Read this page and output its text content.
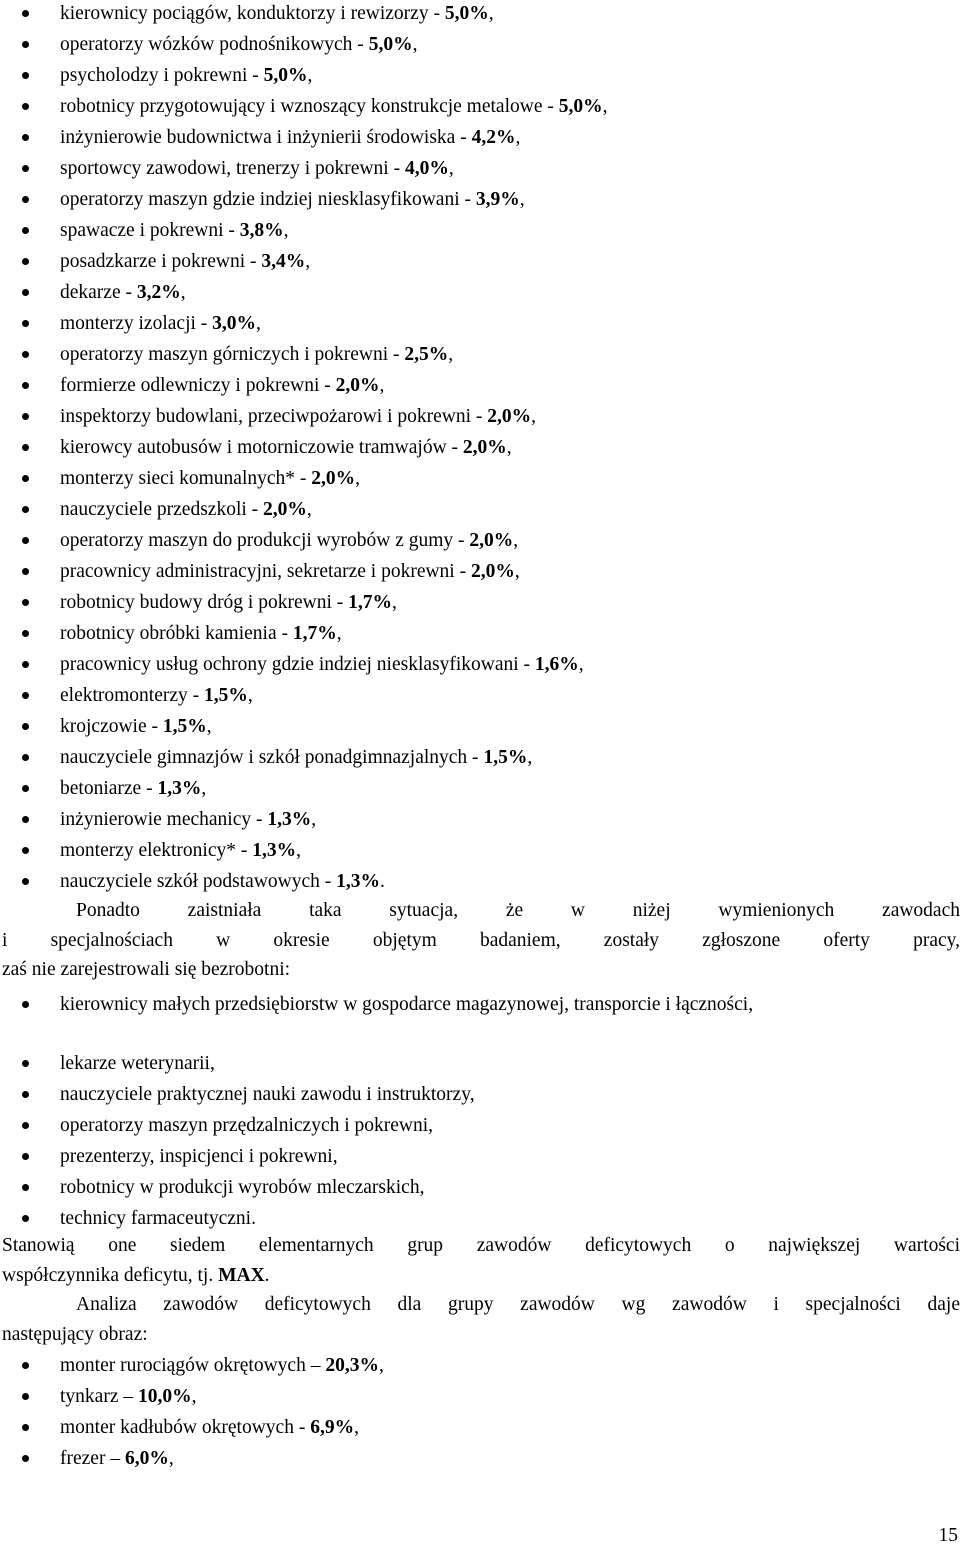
kierownicy pociągów, konduktorzy i rewizorzy - 5,0%,
operatorzy wózków podnośnikowych - 5,0%,
psycholodzy i pokrewni - 5,0%,
robotnicy przygotowujący i wznoszący konstrukcje metalowe - 5,0%,
inżynierowie budownictwa i inżynierii środowiska - 4,2%,
sportowcy zawodowi, trenerzy i pokrewni - 4,0%,
operatorzy maszyn gdzie indziej niesklasyfikowani - 3,9%,
spawacze i pokrewni - 3,8%,
posadzkarze i pokrewni - 3,4%,
dekarze - 3,2%,
monterzy izolacji - 3,0%,
operatorzy maszyn górniczych i pokrewni - 2,5%,
formierze odlewniczy i pokrewni - 2,0%,
inspektorzy budowlani, przeciwpożarowi i pokrewni - 2,0%,
kierowcy autobusów i motorniczowie tramwajów - 2,0%,
monterzy sieci komunalnych* - 2,0%,
nauczyciele przedszkoli - 2,0%,
operatorzy maszyn do produkcji wyrobów z gumy - 2,0%,
pracownicy administracyjni, sekretarze i pokrewni - 2,0%,
robotnicy budowy dróg i pokrewni - 1,7%,
robotnicy obróbki kamienia - 1,7%,
pracownicy usług ochrony gdzie indziej niesklasyfikowani - 1,6%,
elektromonterzy - 1,5%,
krojczowie - 1,5%,
nauczyciele gimnazjów i szkół ponadgimnazjalnych - 1,5%,
betoniarze - 1,3%,
inżynierowie mechanicy - 1,3%,
monterzy elektronicy* - 1,3%,
nauczyciele szkół podstawowych - 1,3%.
Ponadto zaistniała taka sytuacja, że w niżej wymienionych zawodach
i specjalnościach w okresie objętym badaniem, zostały zgłoszone oferty pracy,
zaś nie zarejestrowali się bezrobotni:
kierownicy małych przedsiębiorstw w gospodarce magazynowej, transporcie i łączności,
lekarze weterynarii,
nauczyciele praktycznej nauki zawodu i instruktorzy,
operatorzy maszyn przędzalniczych i pokrewni,
prezenterzy, inspicjenci i pokrewni,
robotnicy w produkcji wyrobów mleczarskich,
technicy farmaceutyczni.
Stanowią one siedem elementarnych grup zawodów deficytowych o największej wartości
współczynnika deficytu, tj. MAX.
Analiza zawodów deficytowych dla grupy zawodów wg zawodów i specjalności daje
następujący obraz:
monter rurociągów okrętowych – 20,3%,
tynkarz – 10,0%,
monter kadłubów okrętowych - 6,9%,
frezer – 6,0%,
15
